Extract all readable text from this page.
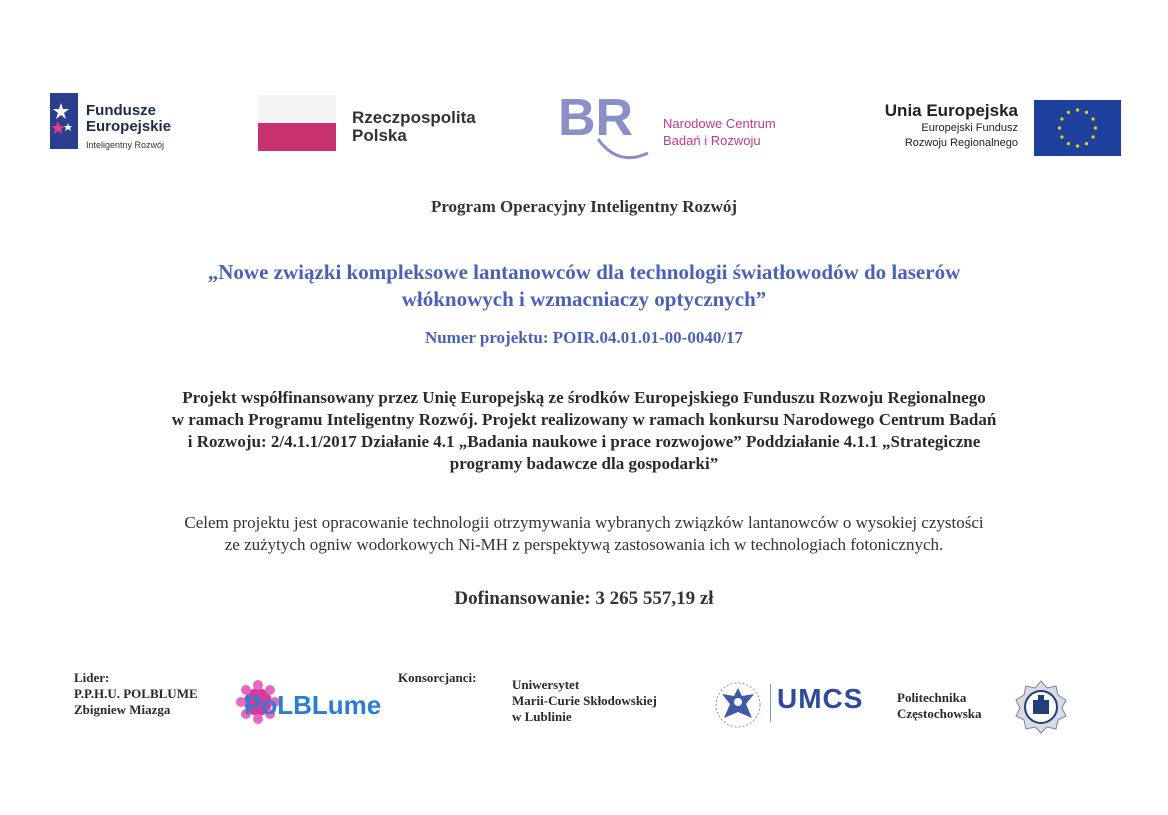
Fundusze
Europejskie
Inteligentny Rozwój
Rzeczpospolita
Polska	BR Narodowe Centrum
Badań i Rozwoju
Unia Europejska
Europejski Fundusz
Rozwoju Regionalnego
Program Operacyjny Inteligentny Rozwój
„Nowe związki kompleksowe lantanowców dla technologii światłowodów do laserów
włóknowych i wzmacniaczy optycznych”
Numer projektu: POIR.04.01.01-00-0040/17
Projekt współfinansowany przez Unię Europejską ze środków Europejskiego Funduszu Rozwoju Regionalnego
w ramach Programu Inteligentny Rozwój. Projekt realizowany w ramach konkursu Narodowego Centrum Badań
i Rozwoju: 2/4.1.1/2017 Działanie 4.1 „Badania naukowe i prace rozwojowe” Poddziałanie 4.1.1 „Strategiczne
programy badawcze dla gospodarki”
Celem projektu jest opracowanie technologii otrzymywania wybranych związków lantanowców o wysokiej czystości
ze zużytych ogniw wodorkowych Ni-MH z perspektywą zastosowania ich w technologiach fotonicznych.
Dofinansowanie: 3 265 557,19 zł
Lider:
P.P.H.U. POLBLUME
Zbigniew Miazga	PoLBLume
Konsorcjanci:	Uniwersytet
Marii-Curie Skłodowskiej
w Lublinie
UMCS	Politechnika
Częstochowska
